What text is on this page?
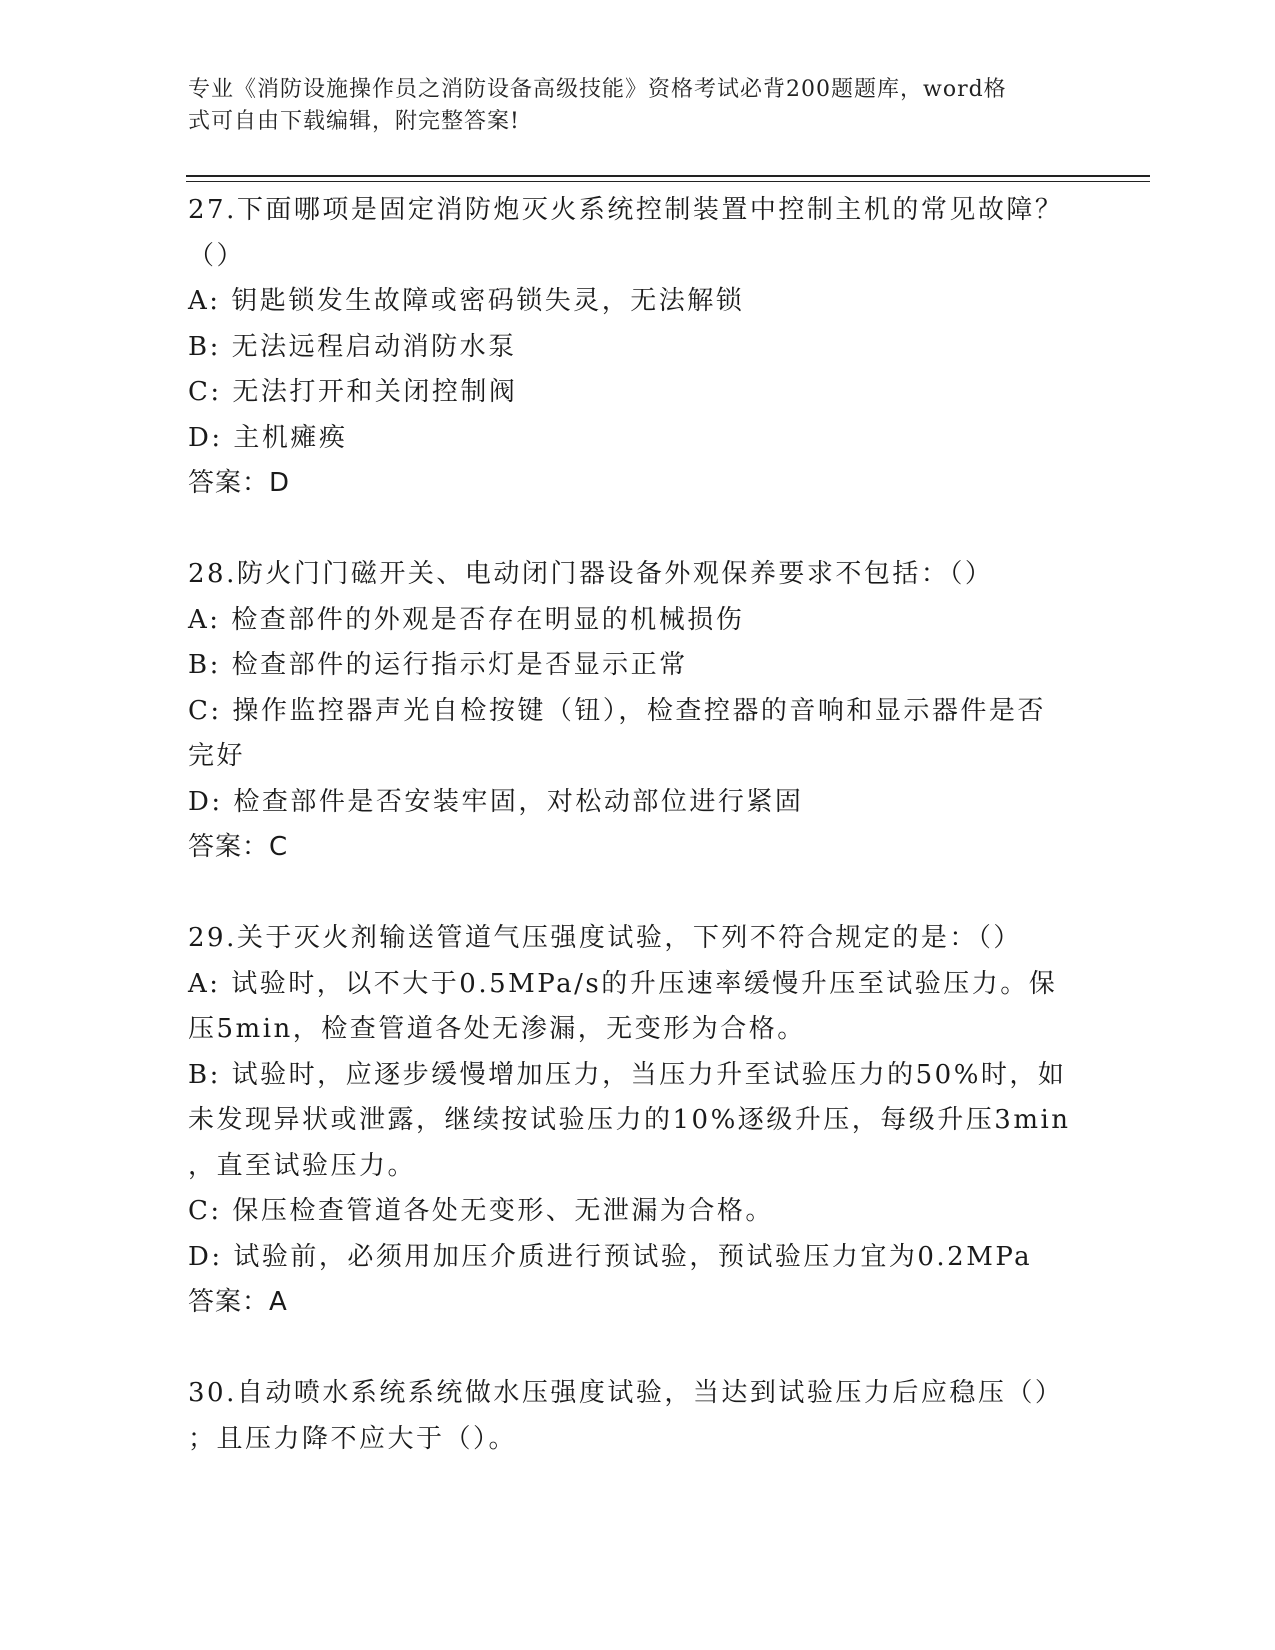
专业《消防设施操作员之消防设备高级技能》资格考试必背200题题库，word格
式可自由下载编辑，附完整答案!
27.下面哪项是固定消防炮灭火系统控制装置中控制主机的常见故障？
（）
A: 钥匙锁发生故障或密码锁失灵，无法解锁
B: 无法远程启动消防水泵
C: 无法打开和关闭控制阀
D: 主机瘫痪
答案：D
28.防火门门磁开关、电动闭门器设备外观保养要求不包括：（）
A: 检查部件的外观是否存在明显的机械损伤
B: 检查部件的运行指示灯是否显示正常
C: 操作监控器声光自检按键（钮），检查控器的音响和显示器件是否
完好
D: 检查部件是否安装牢固，对松动部位进行紧固
答案：C
29.关于灭火剂输送管道气压强度试验，下列不符合规定的是：（）
A: 试验时，以不大于0.5MPa/s的升压速率缓慢升压至试验压力。保
压5min，检查管道各处无渗漏，无变形为合格。
B: 试验时，应逐步缓慢增加压力，当压力升至试验压力的50%时，如
未发现异状或泄露，继续按试验压力的10%逐级升压，每级升压3min
，直至试验压力。
C: 保压检查管道各处无变形、无泄漏为合格。
D: 试验前，必须用加压介质进行预试验，预试验压力宜为0.2MPa
答案：A
30.自动喷水系统系统做水压强度试验，当达到试验压力后应稳压（）
；且压力降不应大于（）。
